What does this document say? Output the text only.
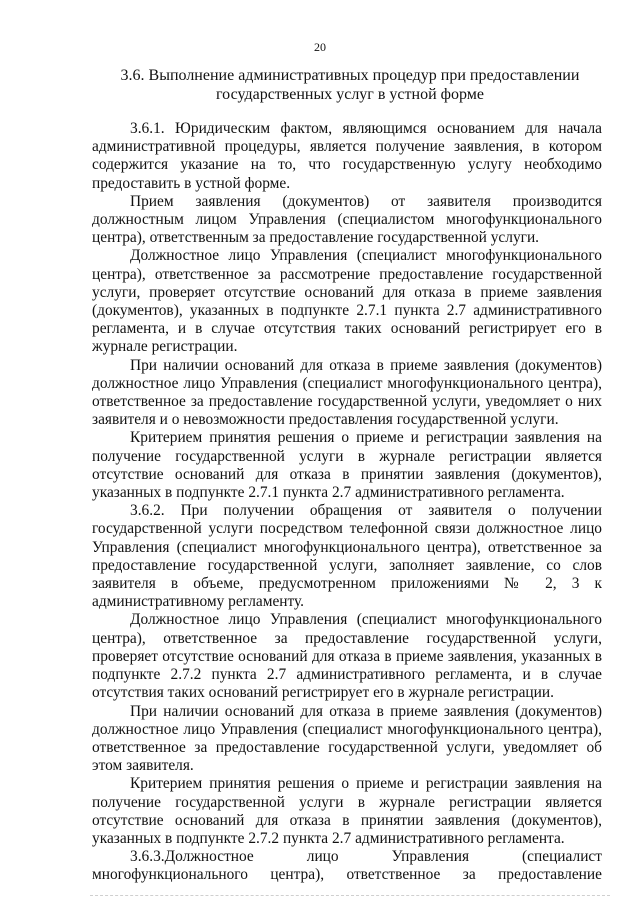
20
3.6. Выполнение административных процедур при предоставлении
государственных услуг в устной форме

3.6.1. Юридическим фактом, являющимся основанием для начала административной процедуры, является получение заявления, в котором содержится указание на то, что государственную услугу необходимо предоставить в устной форме.

Прием заявления (документов) от заявителя производится должностным лицом Управления (специалистом многофункционального центра), ответственным за предоставление государственной услуги.

Должностное лицо Управления (специалист многофункционального центра), ответственное за рассмотрение предоставление государственной услуги, проверяет отсутствие оснований для отказа в приеме заявления (документов), указанных в подпункте 2.7.1 пункта 2.7 административного регламента, и в случае отсутствия таких оснований регистрирует его в журнале регистрации.

При наличии оснований для отказа в приеме заявления (документов) должностное лицо Управления (специалист многофункционального центра), ответственное за предоставление государственной услуги, уведомляет о них заявителя и о невозможности предоставления государственной услуги.

Критерием принятия решения о приеме и регистрации заявления на получение государственной услуги в журнале регистрации является отсутствие оснований для отказа в принятии заявления (документов), указанных в подпункте 2.7.1 пункта 2.7 административного регламента.

3.6.2. При получении обращения от заявителя о получении государственной услуги посредством телефонной связи должностное лицо Управления (специалист многофункционального центра), ответственное за предоставление государственной услуги, заполняет заявление, со слов заявителя в объеме, предусмотренном приложениями № 2, 3 к административному регламенту.

Должностное лицо Управления (специалист многофункционального центра), ответственное за предоставление государственной услуги, проверяет отсутствие оснований для отказа в приеме заявления, указанных в подпункте 2.7.2 пункта 2.7 административного регламента, и в случае отсутствия таких оснований регистрирует его в журнале регистрации.

При наличии оснований для отказа в приеме заявления (документов) должностное лицо Управления (специалист многофункционального центра), ответственное за предоставление государственной услуги, уведомляет об этом заявителя.

Критерием принятия решения о приеме и регистрации заявления на получение государственной услуги в журнале регистрации является отсутствие оснований для отказа в принятии заявления (документов), указанных в подпункте 2.7.2 пункта 2.7 административного регламента.

3.6.3.Должностное лицо Управления (специалист многофункционального центра), ответственное за предоставление
